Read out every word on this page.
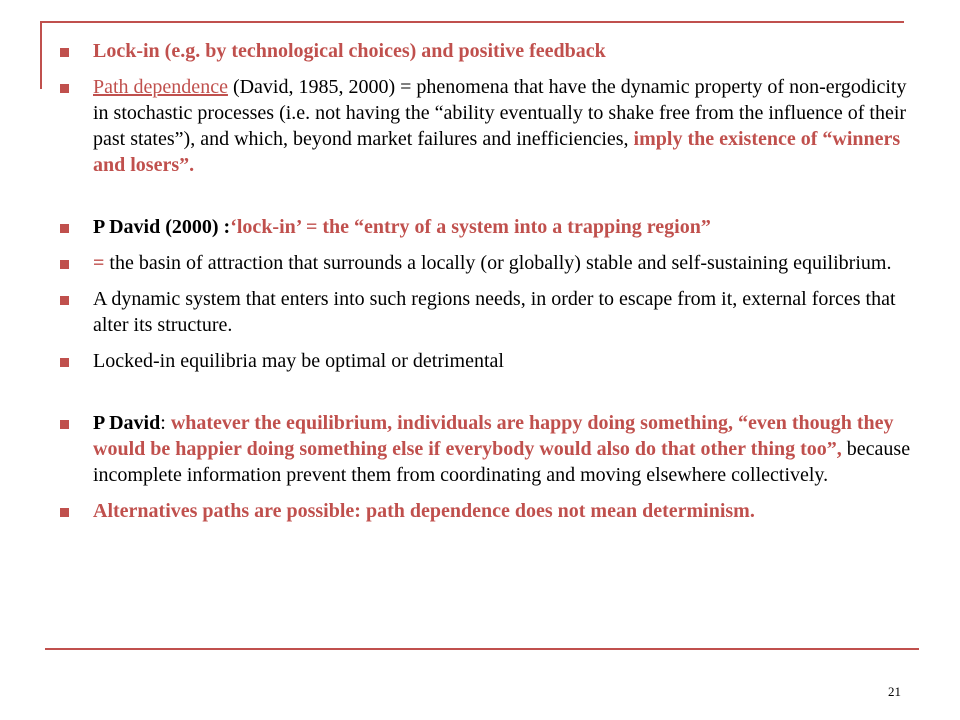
Lock-in (e.g. by technological choices) and positive feedback
Path dependence (David, 1985, 2000) = phenomena that have the dynamic property of non-ergodicity in stochastic processes (i.e. not having the “ability eventually to shake free from the influence of their past states”), and which, beyond market failures and inefficiencies, imply the existence of “winners and losers”.
P David (2000) :‘lock-in’ = the “entry of a system into a trapping region”
= the basin of attraction that surrounds a locally (or globally) stable and self-sustaining equilibrium.
A dynamic system that enters into such regions needs, in order to escape from it, external forces that alter its structure.
Locked-in equilibria may be optimal or detrimental
P David: whatever the equilibrium, individuals are happy doing something, “even though they would be happier doing something else if everybody would also do that other thing too”, because incomplete information prevent them from coordinating and moving elsewhere collectively.
Alternatives paths are possible: path dependence does not mean determinism.
21
